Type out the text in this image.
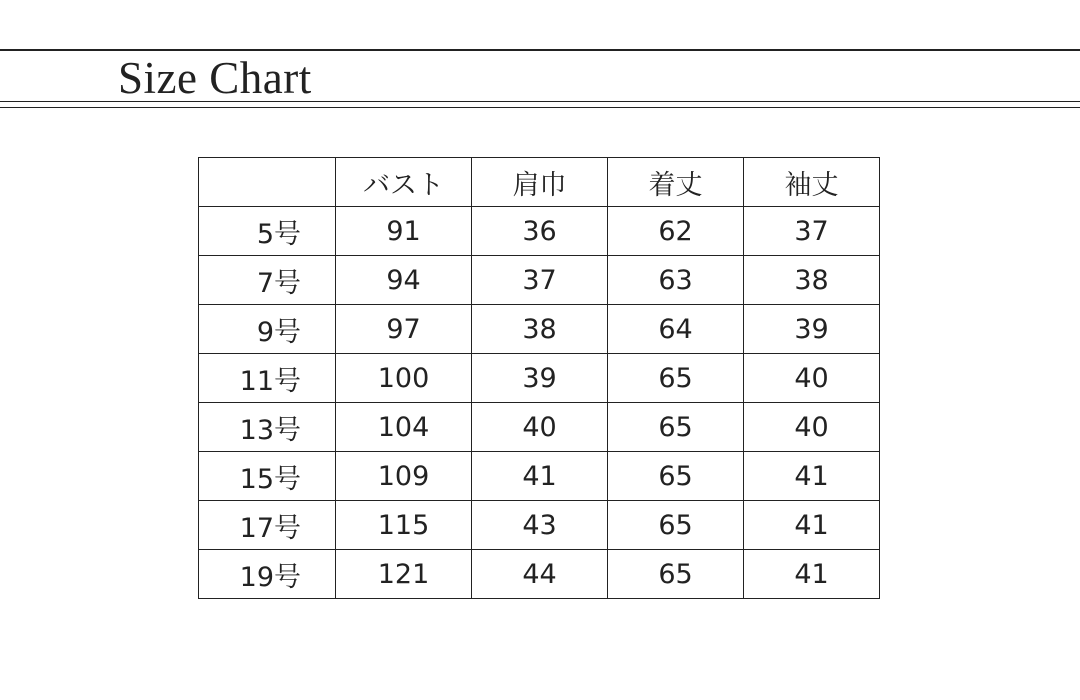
Size Chart
	バスト	肩巾	着丈	袖丈
5号	91	36	62	37
7号	94	37	63	38
9号	97	38	64	39
11号	100	39	65	40
13号	104	40	65	40
15号	109	41	65	41
17号	115	43	65	41
19号	121	44	65	41
